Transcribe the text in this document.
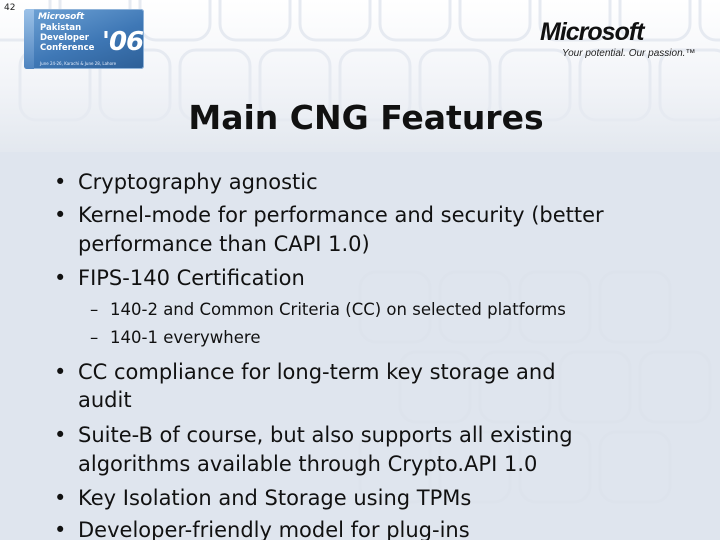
42
Microsoft
Pakistan
Developer
Conference '06
June 24-26, Karachi & June 28, Lahore
Microsoft
Your potential. Our passion.™
Main CNG Features
• Cryptography agnostic
• Kernel-mode for performance and security (better
performance than CAPI 1.0)
• FIPS-140 Certification
– 140-2 and Common Criteria (CC) on selected platforms
– 140-1 everywhere
• CC compliance for long-term key storage and
audit
• Suite-B of course, but also supports all existing
algorithms available through Crypto.API 1.0
• Key Isolation and Storage using TPMs
• Developer-friendly model for plug-ins
